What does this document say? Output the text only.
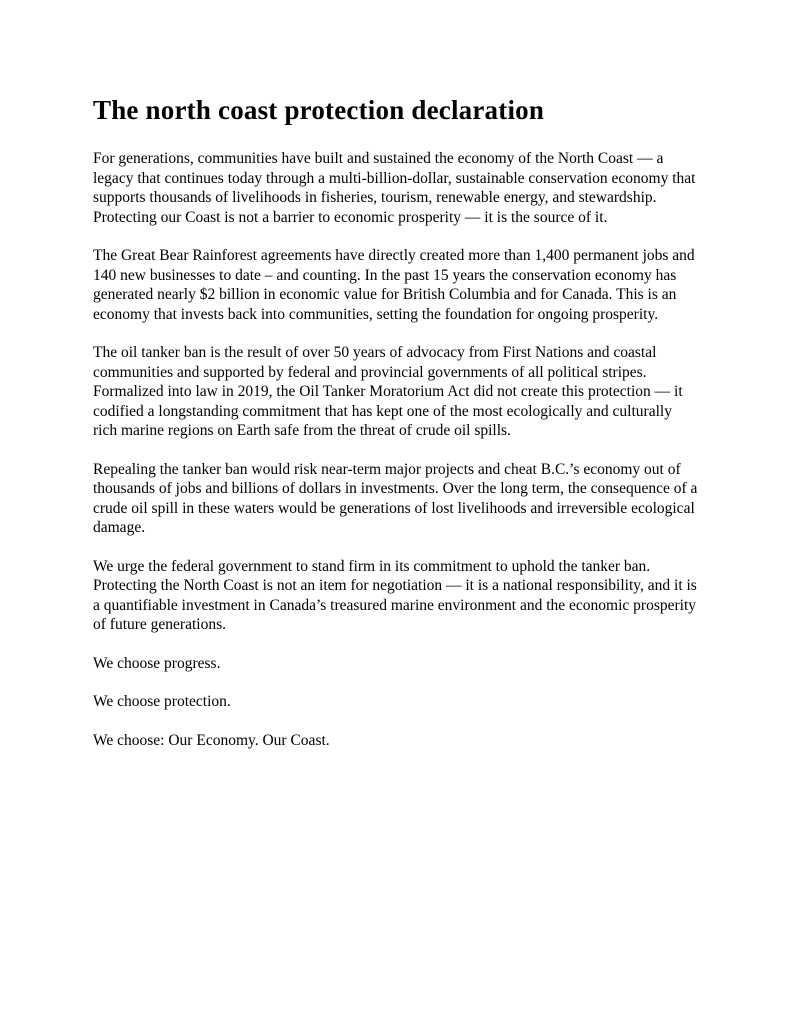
The north coast protection declaration

For generations, communities have built and sustained the economy of the North Coast — a legacy that continues today through a multi-billion-dollar, sustainable conservation economy that supports thousands of livelihoods in fisheries, tourism, renewable energy, and stewardship. Protecting our Coast is not a barrier to economic prosperity — it is the source of it.

The Great Bear Rainforest agreements have directly created more than 1,400 permanent jobs and 140 new businesses to date – and counting. In the past 15 years the conservation economy has generated nearly $2 billion in economic value for British Columbia and for Canada. This is an economy that invests back into communities, setting the foundation for ongoing prosperity.

The oil tanker ban is the result of over 50 years of advocacy from First Nations and coastal communities and supported by federal and provincial governments of all political stripes. Formalized into law in 2019, the Oil Tanker Moratorium Act did not create this protection — it codified a longstanding commitment that has kept one of the most ecologically and culturally rich marine regions on Earth safe from the threat of crude oil spills.

Repealing the tanker ban would risk near-term major projects and cheat B.C.’s economy out of thousands of jobs and billions of dollars in investments. Over the long term, the consequence of a crude oil spill in these waters would be generations of lost livelihoods and irreversible ecological damage.

We urge the federal government to stand firm in its commitment to uphold the tanker ban. Protecting the North Coast is not an item for negotiation — it is a national responsibility, and it is a quantifiable investment in Canada’s treasured marine environment and the economic prosperity of future generations.

We choose progress.

We choose protection.

We choose: Our Economy. Our Coast.
